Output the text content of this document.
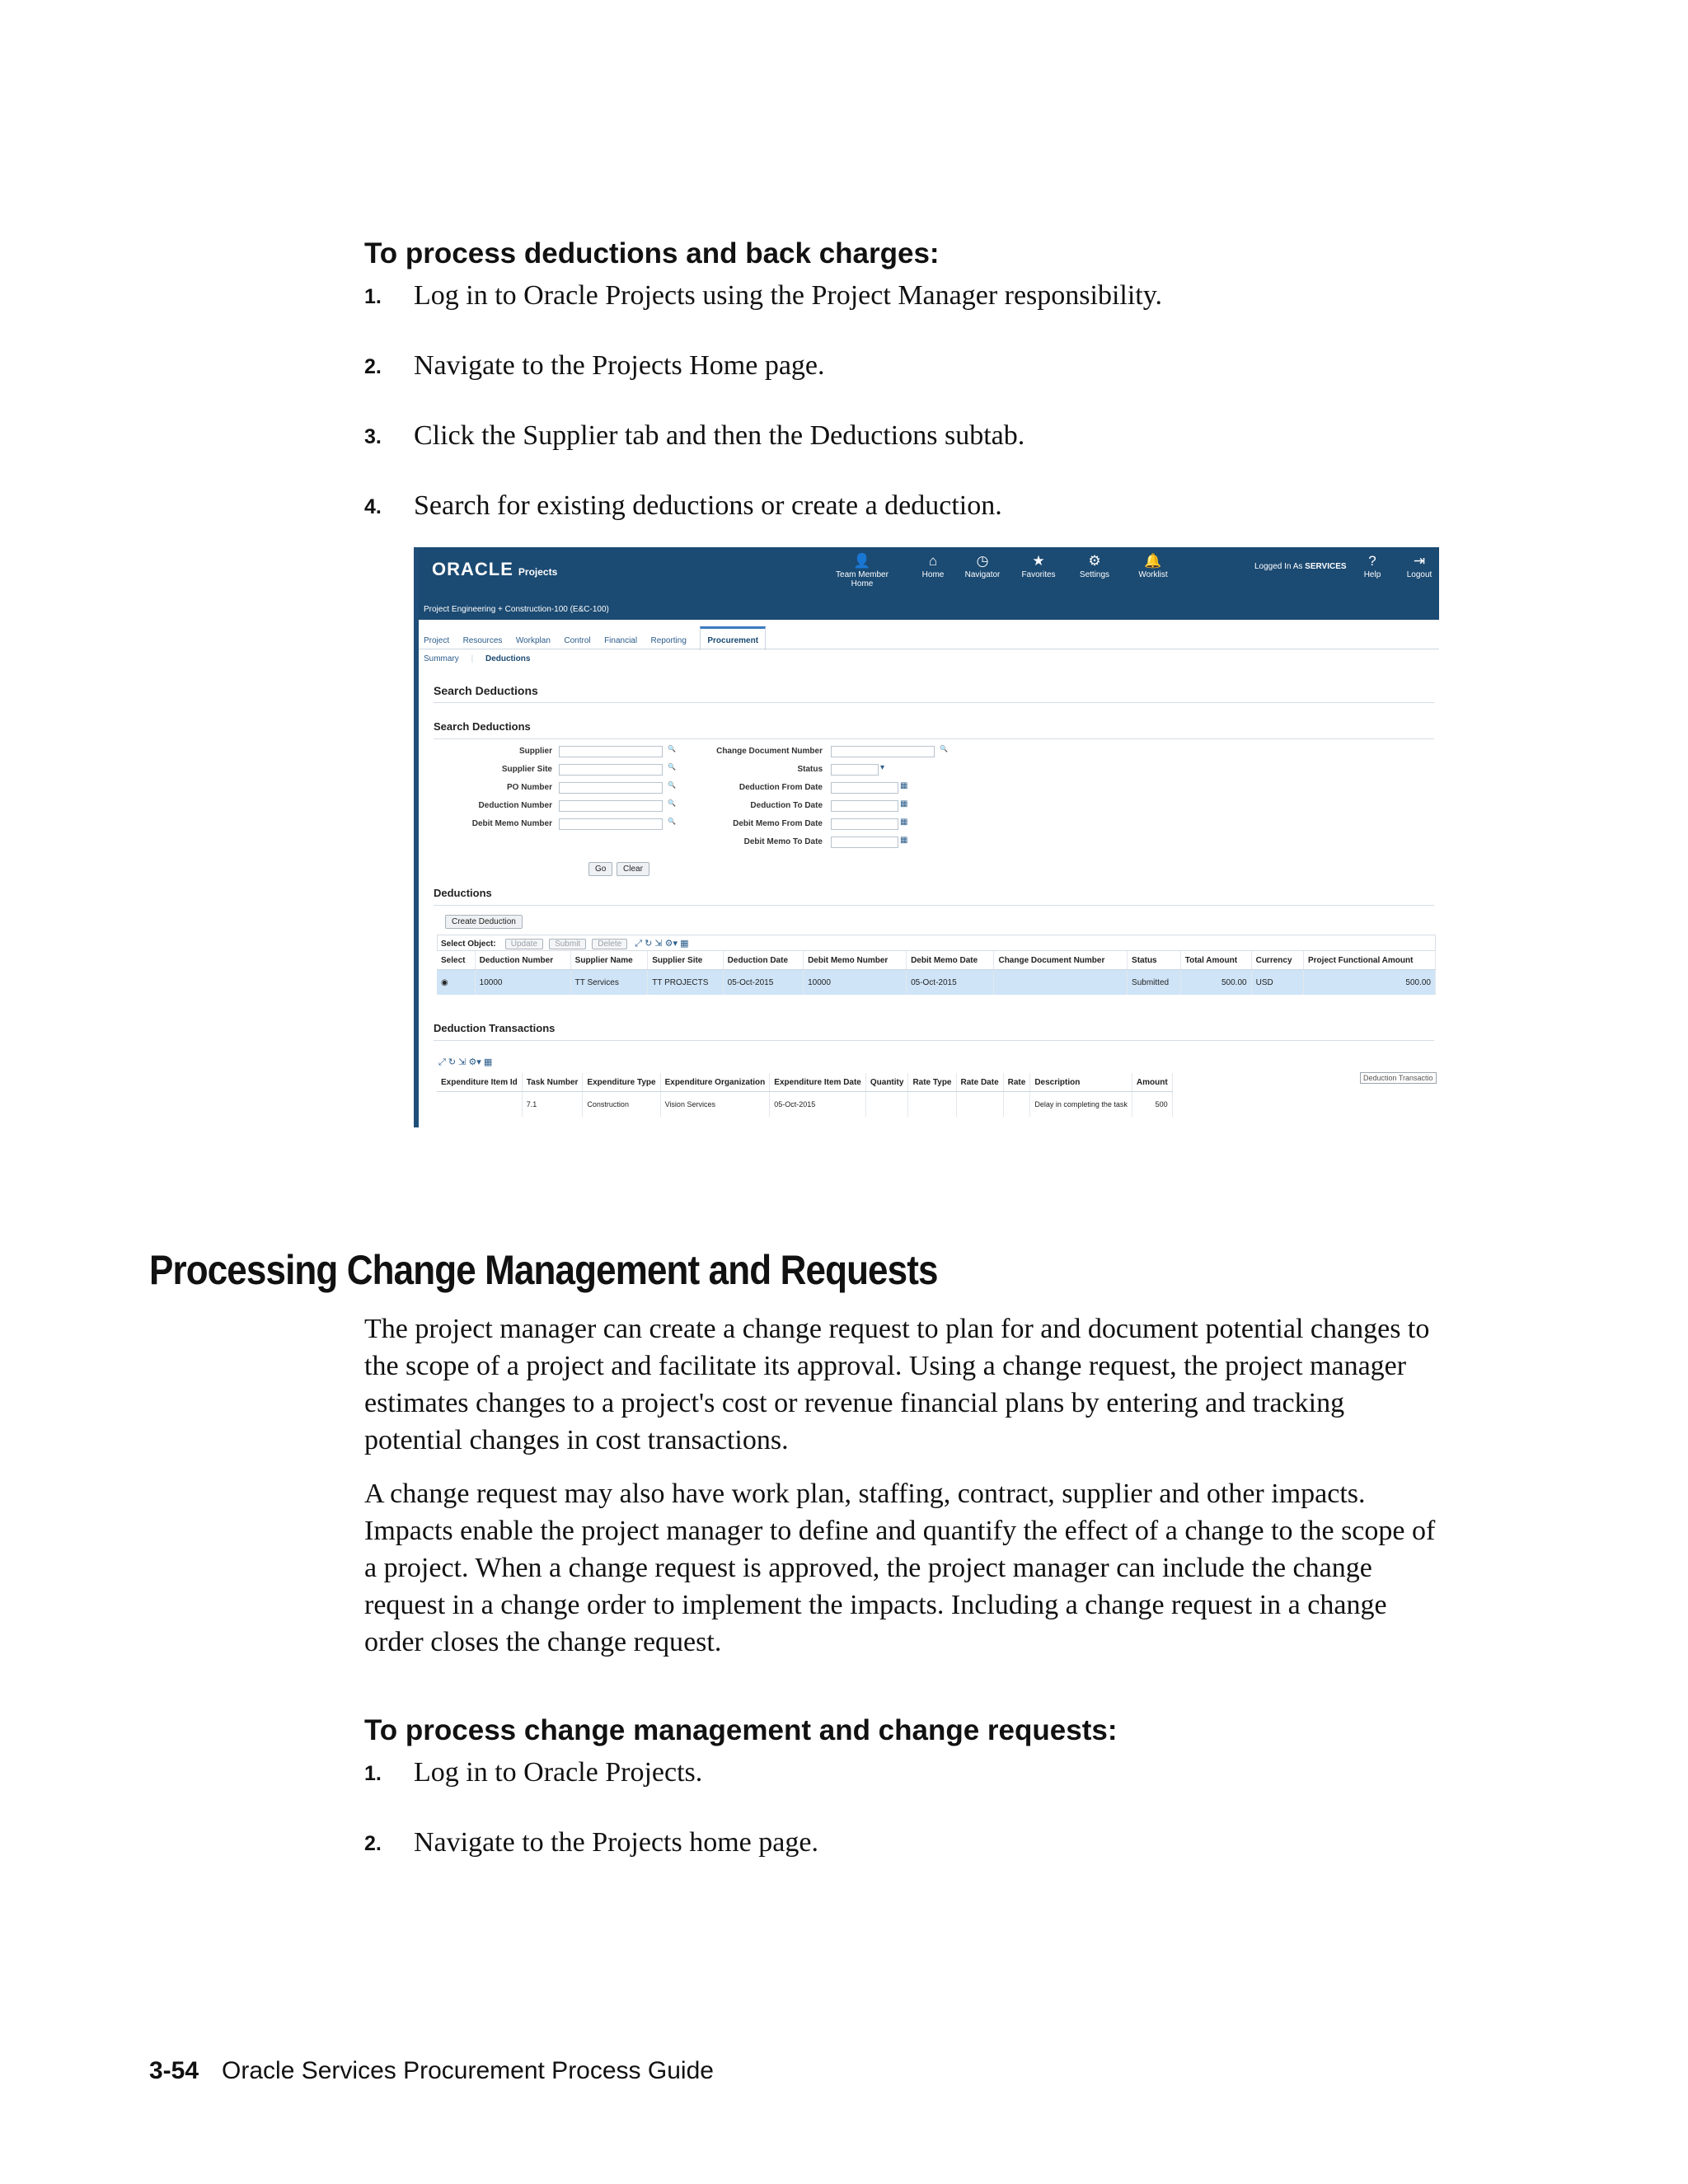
To process deductions and back charges:
1.	Log in to Oracle Projects using the Project Manager responsibility.
2.	Navigate to the Projects Home page.
3.	Click the Supplier tab and then the Deductions subtab.
4.	Search for existing deductions or create a deduction.
ORACLE Projects
👤
Team Member Home
⌂
Home
◷
Navigator
★
Favorites
⚙
Settings
🔔
Worklist
Logged In As SERVICES	?
Help
⇥
Logout
Project Engineering + Construction-100 (E&C-100)
Project Resources Workplan Control Financial Reporting	Procurement
Summary | Deductions
Search Deductions
Search Deductions
Go	Clear
Deductions
Create Deduction
Select Object: Update Submit Delete ⤢ ↻ ⇲ ⚙▾ ▦
Select	Deduction Number	Supplier Name	Supplier Site	Deduction Date	Debit Memo Number	Debit Memo Date	Change Document Number	Status	Total Amount	Currency	Project Functional Amount
◉	10000	TT Services	TT PROJECTS	05-Oct-2015	10000	05-Oct-2015		Submitted	500.00	USD	500.00
Deduction Transactions
⤢ ↻ ⇲ ⚙▾ ▦
Expenditure Item Id	Task Number	Expenditure Type	Expenditure Organization	Expenditure Item Date	Quantity	Rate Type	Rate Date	Rate	Description	Amount
	7.1	Construction	Vision Services	05-Oct-2015					Delay in completing the task	500
Deduction Transactio
Supplier	🔍
Supplier Site	🔍
PO Number	🔍
Deduction Number	🔍
Debit Memo Number	🔍
Change Document Number	🔍
Status	▾
Deduction From Date	▦
Deduction To Date	▦
Debit Memo From Date	▦
Debit Memo To Date	▦
Processing Change Management and Requests
The project manager can create a change request to plan for and document potential changes to the scope of a project and facilitate its approval. Using a change request, the project manager estimates changes to a project's cost or revenue financial plans by entering and tracking potential changes in cost transactions.
A change request may also have work plan, staffing, contract, supplier and other impacts. Impacts enable the project manager to define and quantify the effect of a change to the scope of a project. When a change request is approved, the project manager can include the change request in a change order to implement the impacts. Including a change request in a change order closes the change request.
To process change management and change requests:
1.	Log in to Oracle Projects.
2.	Navigate to the Projects home page.
3-54 Oracle Services Procurement Process Guide
